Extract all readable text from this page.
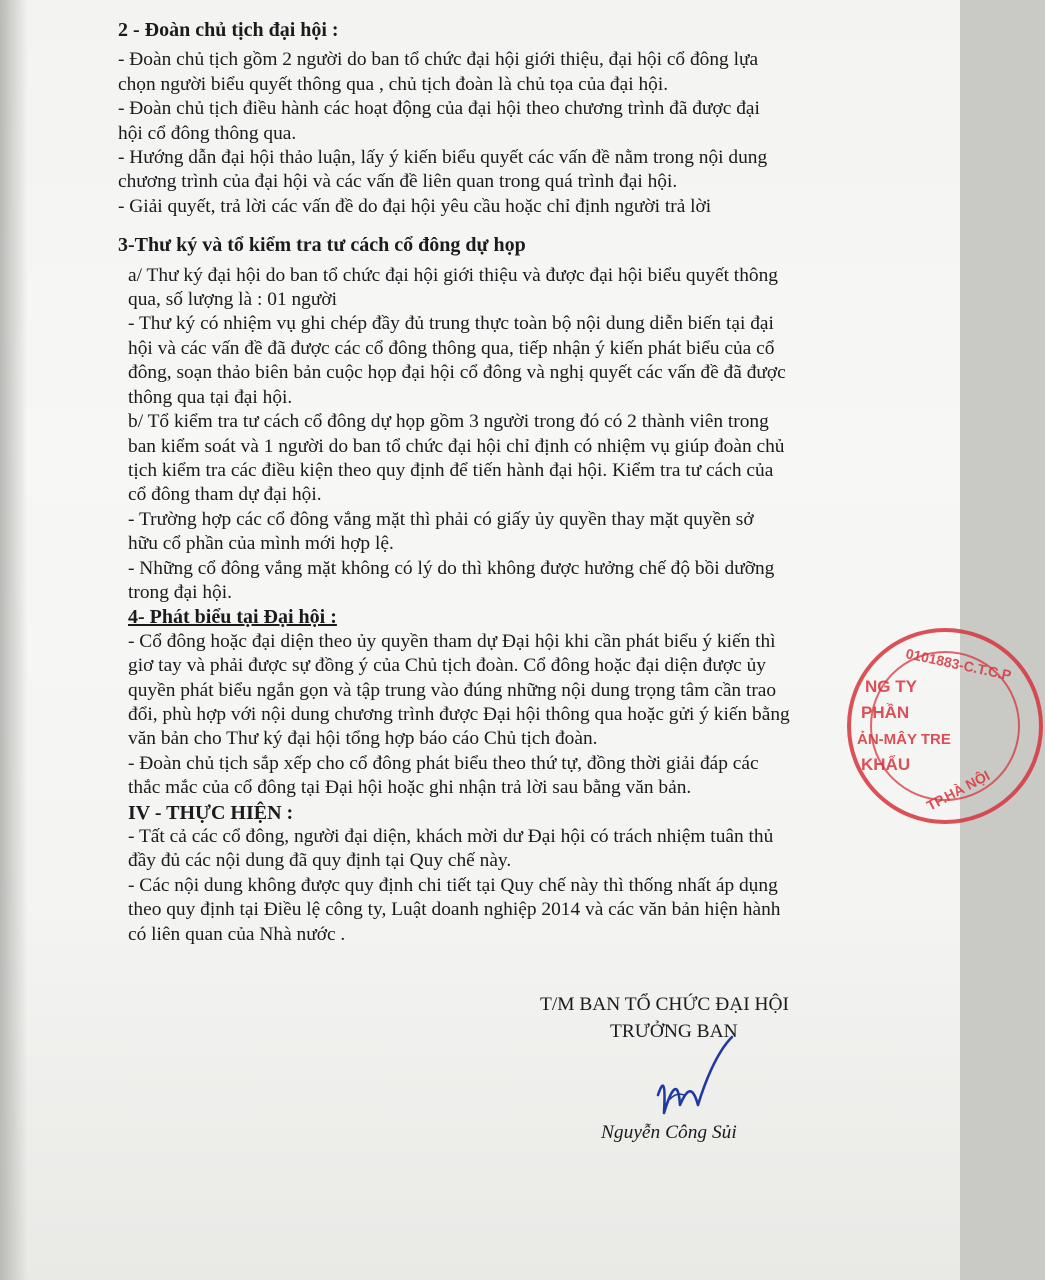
2 - Đoàn chủ tịch đại hội :
- Đoàn chủ tịch gồm 2 người do ban tổ chức đại hội giới thiệu, đại hội cổ đông lựa
chọn người biểu quyết thông qua , chủ tịch đoàn là chủ tọa của đại hội.
- Đoàn chủ tịch điều hành các hoạt động của đại hội theo chương trình đã được đại
hội cổ đông thông qua.
- Hướng dẫn đại hội thảo luận, lấy ý kiến biểu quyết các vấn đề nằm trong nội dung
chương trình của đại hội và các vấn đề liên quan trong quá trình đại hội.
- Giải quyết, trả lời các vấn đề do đại hội yêu cầu hoặc chỉ định người trả lời
3-Thư ký và tổ kiểm tra tư cách cổ đông dự họp
a/ Thư ký đại hội do ban tổ chức đại hội giới thiệu và được đại hội biểu quyết thông
qua, số lượng là : 01 người
- Thư ký có nhiệm vụ ghi chép đầy đủ trung thực toàn bộ nội dung diễn biến tại đại
hội và các vấn đề đã được các cổ đông thông qua, tiếp nhận ý kiến phát biểu của cổ
đông, soạn thảo biên bản cuộc họp đại hội cổ đông và nghị quyết các vấn đề đã được
thông qua tại đại hội.
b/ Tổ kiểm tra tư cách cổ đông dự họp gồm 3 người trong đó có 2 thành viên trong
ban kiểm soát và 1 người do ban tổ chức đại hội chỉ định có nhiệm vụ giúp đoàn chủ
tịch kiểm tra các điều kiện theo quy định để tiến hành đại hội. Kiểm tra tư cách của
cổ đông tham dự đại hội.
- Trường hợp các cổ đông vắng mặt thì phải có giấy ủy quyền thay mặt quyền sở
hữu cổ phần của mình mới hợp lệ.
- Những cổ đông vắng mặt không có lý do thì không được hưởng chế độ bồi dưỡng
trong đại hội.
4- Phát biểu tại Đại hội :
- Cổ đông hoặc đại diện theo ủy quyền tham dự Đại hội khi cần phát biểu ý kiến thì
giơ tay và phải được sự đồng ý của Chủ tịch đoàn. Cổ đông hoặc đại diện được ủy
quyền phát biểu ngắn gọn và tập trung vào đúng những nội dung trọng tâm cần trao
đổi, phù hợp với nội dung chương trình được Đại hội thông qua hoặc gửi ý kiến bằng
văn bản cho Thư ký đại hội tổng hợp báo cáo Chủ tịch đoàn.
- Đoàn chủ tịch sắp xếp cho cổ đông phát biểu theo thứ tự, đồng thời giải đáp các
thắc mắc của cổ đông tại Đại hội hoặc ghi nhận trả lời sau bằng văn bản.
IV - THỰC HIỆN :
- Tất cả các cổ đông, người đại diện, khách mời dư Đại hội có trách nhiệm tuân thủ
đầy đủ các nội dung đã quy định tại Quy chế này.
- Các nội dung không được quy định chi tiết tại Quy chế này thì thống nhất áp dụng
theo quy định tại Điều lệ công ty, Luật doanh nghiệp 2014 và các văn bản hiện hành
có liên quan của Nhà nước .
T/M BAN TỔ CHỨC ĐẠI HỘI
TRƯỞNG BAN
Nguyễn Công Sủi
0101883-C.T.C.P
TP.HÀ NỘI
NG TY
PHẦN
ẢN-MÂY TRE
KHẨU
